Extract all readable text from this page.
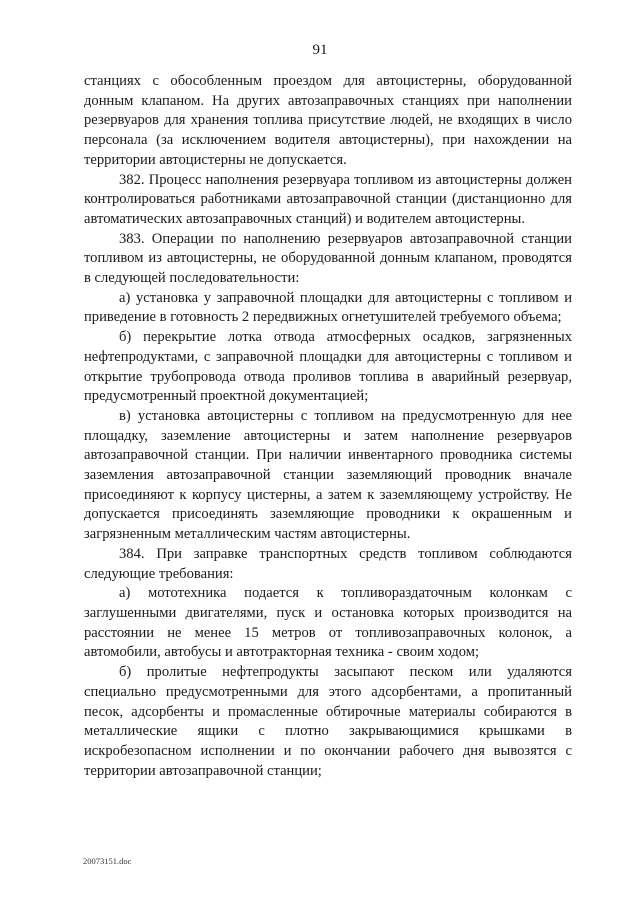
91

станциях с обособленным проездом для автоцистерны, оборудованной донным клапаном. На других автозаправочных станциях при наполнении резервуаров для хранения топлива присутствие людей, не входящих в число персонала (за исключением водителя автоцистерны), при нахождении на территории автоцистерны не допускается.

382. Процесс наполнения резервуара топливом из автоцистерны должен контролироваться работниками автозаправочной станции (дистанционно для автоматических автозаправочных станций) и водителем автоцистерны.

383. Операции по наполнению резервуаров автозаправочной станции топливом из автоцистерны, не оборудованной донным клапаном, проводятся в следующей последовательности:

а) установка у заправочной площадки для автоцистерны с топливом и приведение в готовность 2 передвижных огнетушителей требуемого объема;

б) перекрытие лотка отвода атмосферных осадков, загрязненных нефтепродуктами, с заправочной площадки для автоцистерны с топливом и открытие трубопровода отвода проливов топлива в аварийный резервуар, предусмотренный проектной документацией;

в) установка автоцистерны с топливом на предусмотренную для нее площадку, заземление автоцистерны и затем наполнение резервуаров автозаправочной станции. При наличии инвентарного проводника системы заземления автозаправочной станции заземляющий проводник вначале присоединяют к корпусу цистерны, а затем к заземляющему устройству. Не допускается присоединять заземляющие проводники к окрашенным и загрязненным металлическим частям автоцистерны.

384. При заправке транспортных средств топливом соблюдаются следующие требования:

а) мототехника подается к топливораздаточным колонкам с заглушенными двигателями, пуск и остановка которых производится на расстоянии не менее 15 метров от топливозаправочных колонок, а автомобили, автобусы и автотракторная техника - своим ходом;

б) пролитые нефтепродукты засыпают песком или удаляются специально предусмотренными для этого адсорбентами, а пропитанный песок, адсорбенты и промасленные обтирочные материалы собираются в металлические ящики с плотно закрывающимися крышками в искробезопасном исполнении и по окончании рабочего дня вывозятся с территории автозаправочной станции;

20073151.doc
